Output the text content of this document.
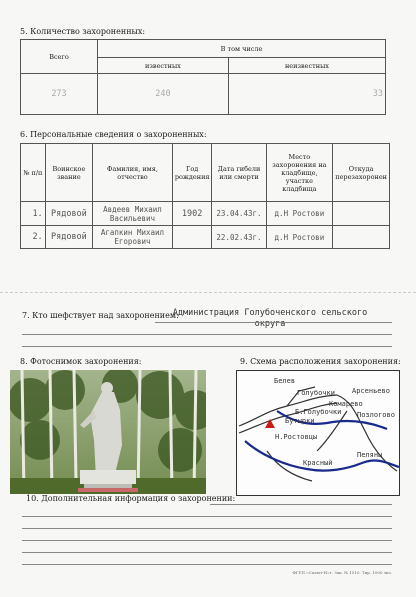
5. Количество захороненных:
Всего	В том числе	
	известных	неизвестных
273	240	33
6. Персональные сведения о захороненных:
№ п/п	Воинское звание	Фамилия, имя, отчество	Год рождения	Дата гибели или смерти	Место захоронения на кладбище, участке кладбища	Откуда перезахоронен
1.	Рядовой	Авдеев Михаил Васильевич	1902	23.04.43г.	д.Н Ростови	
2.	Рядовой	Агапкин Михаил Егорович		22.02.43г.	д.Н Ростови	
7. Кто шефствует над захоронением:
Администрация Голубоченского сельского округа
8. Фотоснимок захоронения:	9. Схема расположения захоронения:
Белев
Голубочки Арсеньево
Комарево
Позлогово
Бутырки
Б.Голубочки
Н.Ростовцы
Красный
Пеляны
10. Дополнительная информация о захоронении:
ФГУП «Салют-Н»г. Зак. № 1510. Тир. 1000 экз.
